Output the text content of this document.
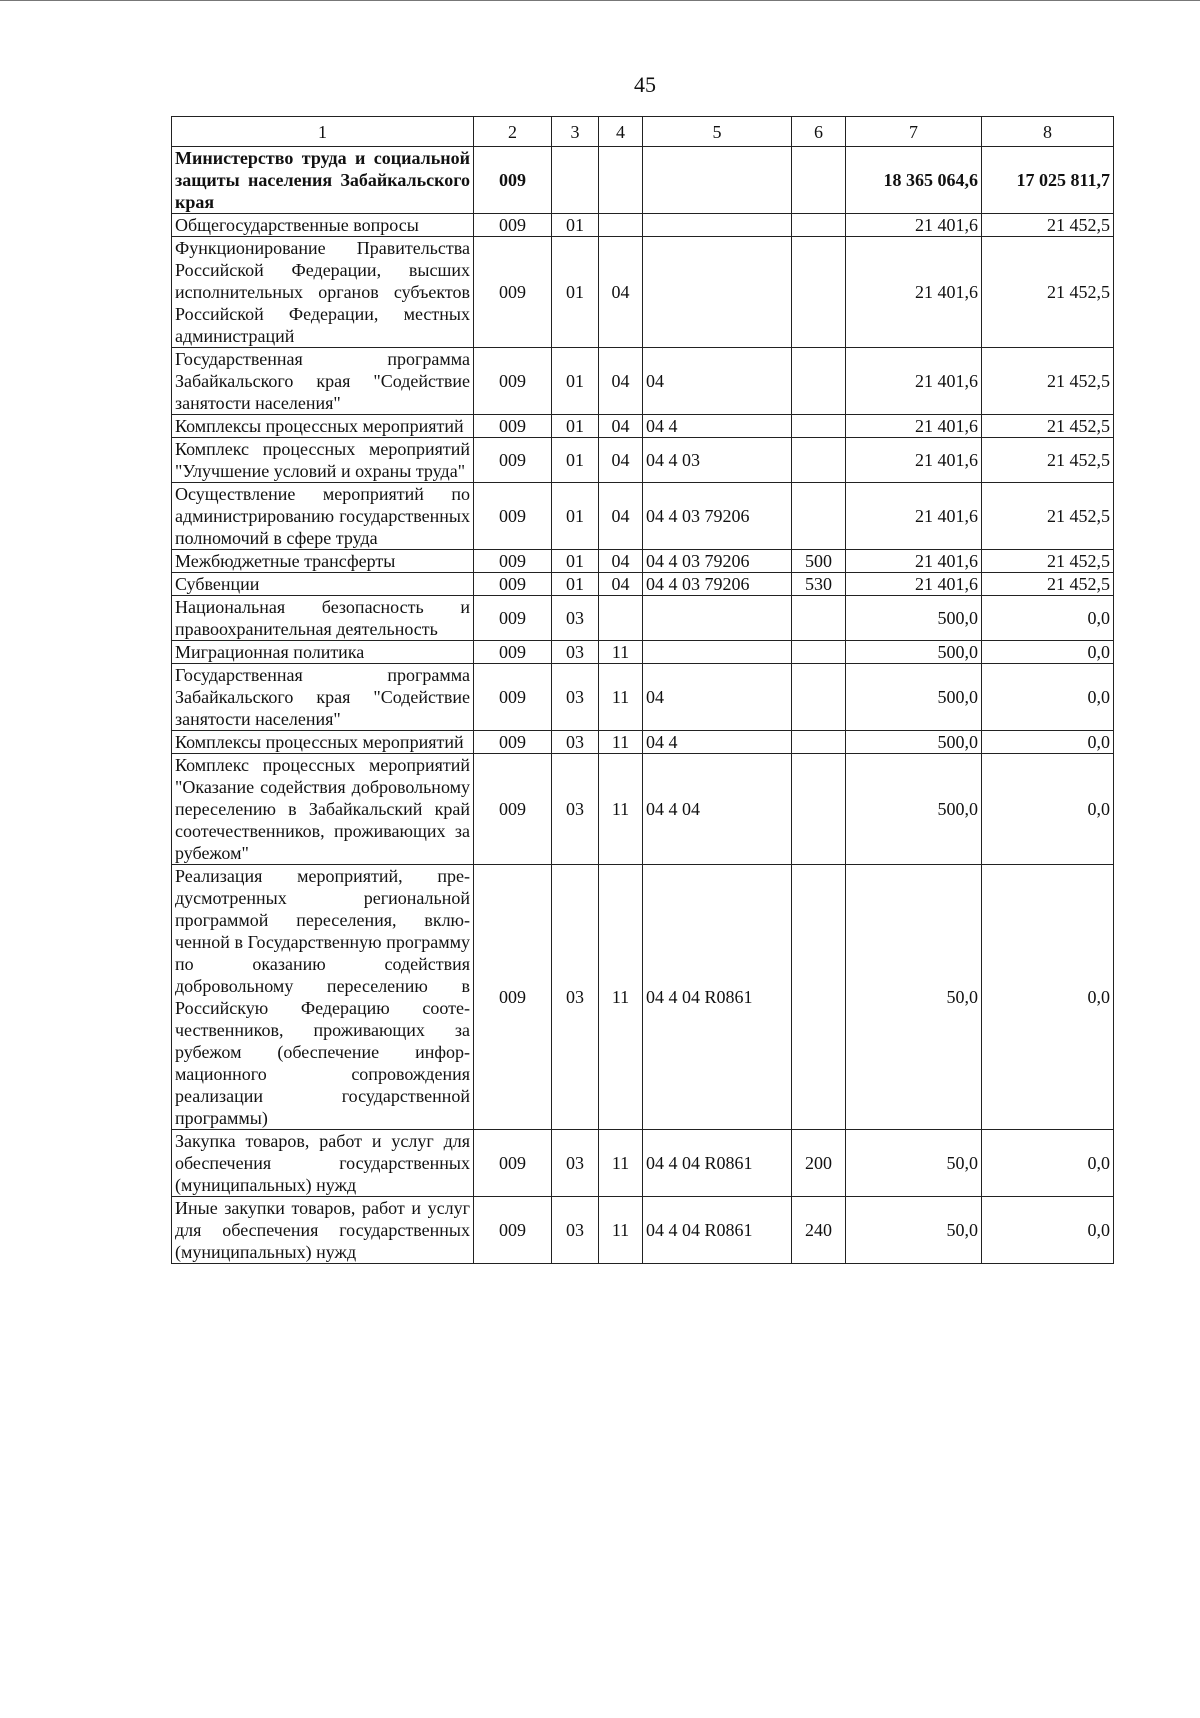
45
1	2	3	4	5	6	7	8
Министерство труда и социальной защиты населения Забайкальского края	009					18 365 064,6	17 025 811,7
Общегосударственные вопросы	009	01				21 401,6	21 452,5
Функционирование Правительства Российской Федерации, высших исполнительных органов субъектов Российской Федерации, местных администраций	009	01	04			21 401,6	21 452,5
Государственная программа Забайкальского края "Содействие занятости населения"	009	01	04	04		21 401,6	21 452,5
Комплексы процессных мероприятий	009	01	04	04 4		21 401,6	21 452,5
Комплекс процессных мероприятий "Улучшение условий и охраны труда"	009	01	04	04 4 03		21 401,6	21 452,5
Осуществление мероприятий по администрированию государственных полномочий в сфере труда	009	01	04	04 4 03 79206		21 401,6	21 452,5
Межбюджетные трансферты	009	01	04	04 4 03 79206	500	21 401,6	21 452,5
Субвенции	009	01	04	04 4 03 79206	530	21 401,6	21 452,5
Национальная безопасность и правоохранительная деятельность	009	03				500,0	0,0
Миграционная политика	009	03	11			500,0	0,0
Государственная программа Забайкальского края "Содействие занятости населения"	009	03	11	04		500,0	0,0
Комплексы процессных мероприятий	009	03	11	04 4		500,0	0,0
Комплекс процессных мероприятий "Оказание содействия добровольному переселению в Забайкальский край соотечественников, проживающих за рубежом"	009	03	11	04 4 04		500,0	0,0
Реализация мероприятий, предусмотренных региональной программой переселения, включенной в Государственную программу по оказанию содействия добровольному переселению в Российскую Федерацию соотечественников, проживающих за рубежом (обеспечение информационного сопровождения реализации государственной программы)	009	03	11	04 4 04 R0861		50,0	0,0
Закупка товаров, работ и услуг для обеспечения государственных (муниципальных) нужд	009	03	11	04 4 04 R0861	200	50,0	0,0
Иные закупки товаров, работ и услуг для обеспечения государственных (муниципальных) нужд	009	03	11	04 4 04 R0861	240	50,0	0,0
